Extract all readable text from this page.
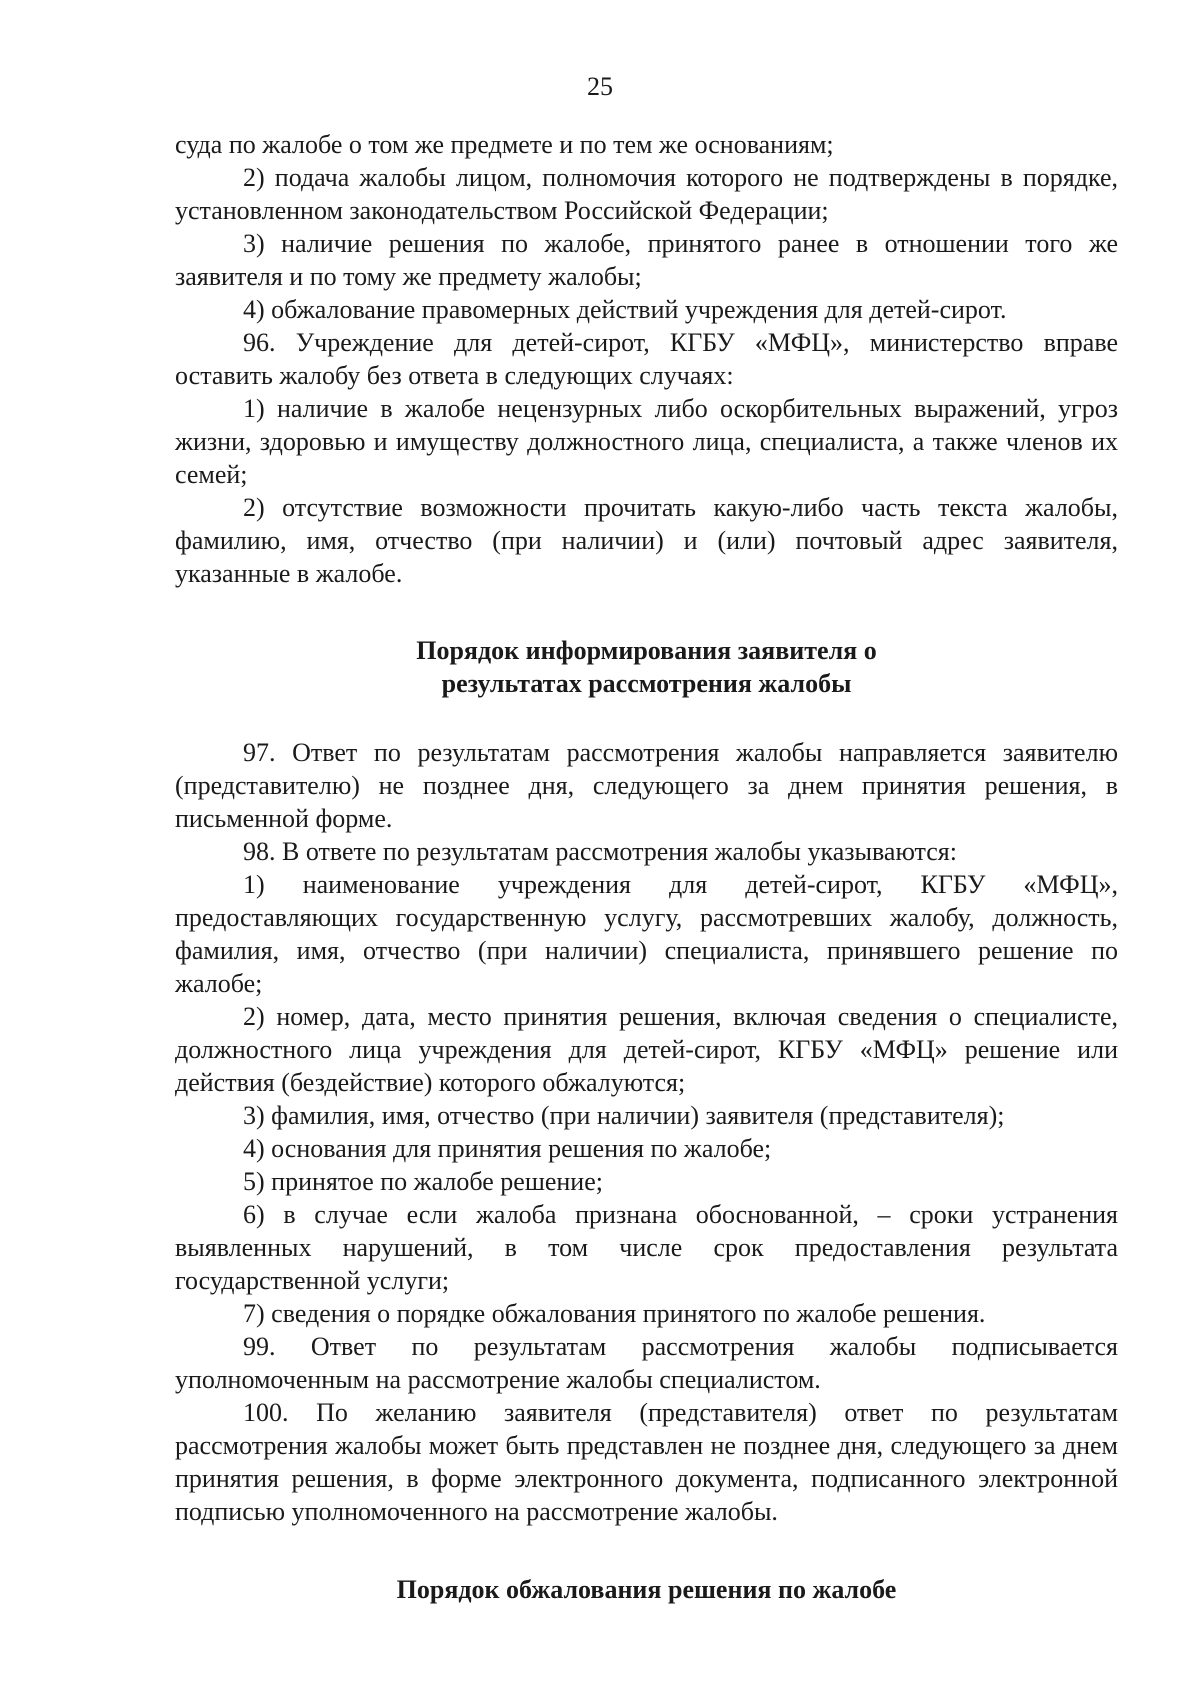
25

суда по жалобе о том же предмете и по тем же основаниям;

2) подача жалобы лицом, полномочия которого не подтверждены в порядке, установленном законодательством Российской Федерации;

3) наличие решения по жалобе, принятого ранее в отношении того же заявителя и по тому же предмету жалобы;

4) обжалование правомерных действий учреждения для детей-сирот.

96. Учреждение для детей-сирот, КГБУ «МФЦ», министерство вправе оставить жалобу без ответа в следующих случаях:

1) наличие в жалобе нецензурных либо оскорбительных выражений, угроз жизни, здоровью и имуществу должностного лица, специалиста, а также членов их семей;

2) отсутствие возможности прочитать какую-либо часть текста жалобы, фамилию, имя, отчество (при наличии) и (или) почтовый адрес заявителя, указанные в жалобе.

Порядок информирования заявителя о результатах рассмотрения жалобы

97. Ответ по результатам рассмотрения жалобы направляется заявителю (представителю) не позднее дня, следующего за днем принятия решения, в письменной форме.

98. В ответе по результатам рассмотрения жалобы указываются:

1) наименование учреждения для детей-сирот, КГБУ «МФЦ», предоставляющих государственную услугу, рассмотревших жалобу, должность, фамилия, имя, отчество (при наличии) специалиста, принявшего решение по жалобе;

2) номер, дата, место принятия решения, включая сведения о специалисте, должностного лица учреждения для детей-сирот, КГБУ «МФЦ» решение или действия (бездействие) которого обжалуются;

3) фамилия, имя, отчество (при наличии) заявителя (представителя);

4) основания для принятия решения по жалобе;

5) принятое по жалобе решение;

6) в случае если жалоба признана обоснованной, – сроки устранения выявленных нарушений, в том числе срок предоставления результата государственной услуги;

7) сведения о порядке обжалования принятого по жалобе решения.

99. Ответ по результатам рассмотрения жалобы подписывается уполномоченным на рассмотрение жалобы специалистом.

100. По желанию заявителя (представителя) ответ по результатам рассмотрения жалобы может быть представлен не позднее дня, следующего за днем принятия решения, в форме электронного документа, подписанного электронной подписью уполномоченного на рассмотрение жалобы.

Порядок обжалования решения по жалобе
